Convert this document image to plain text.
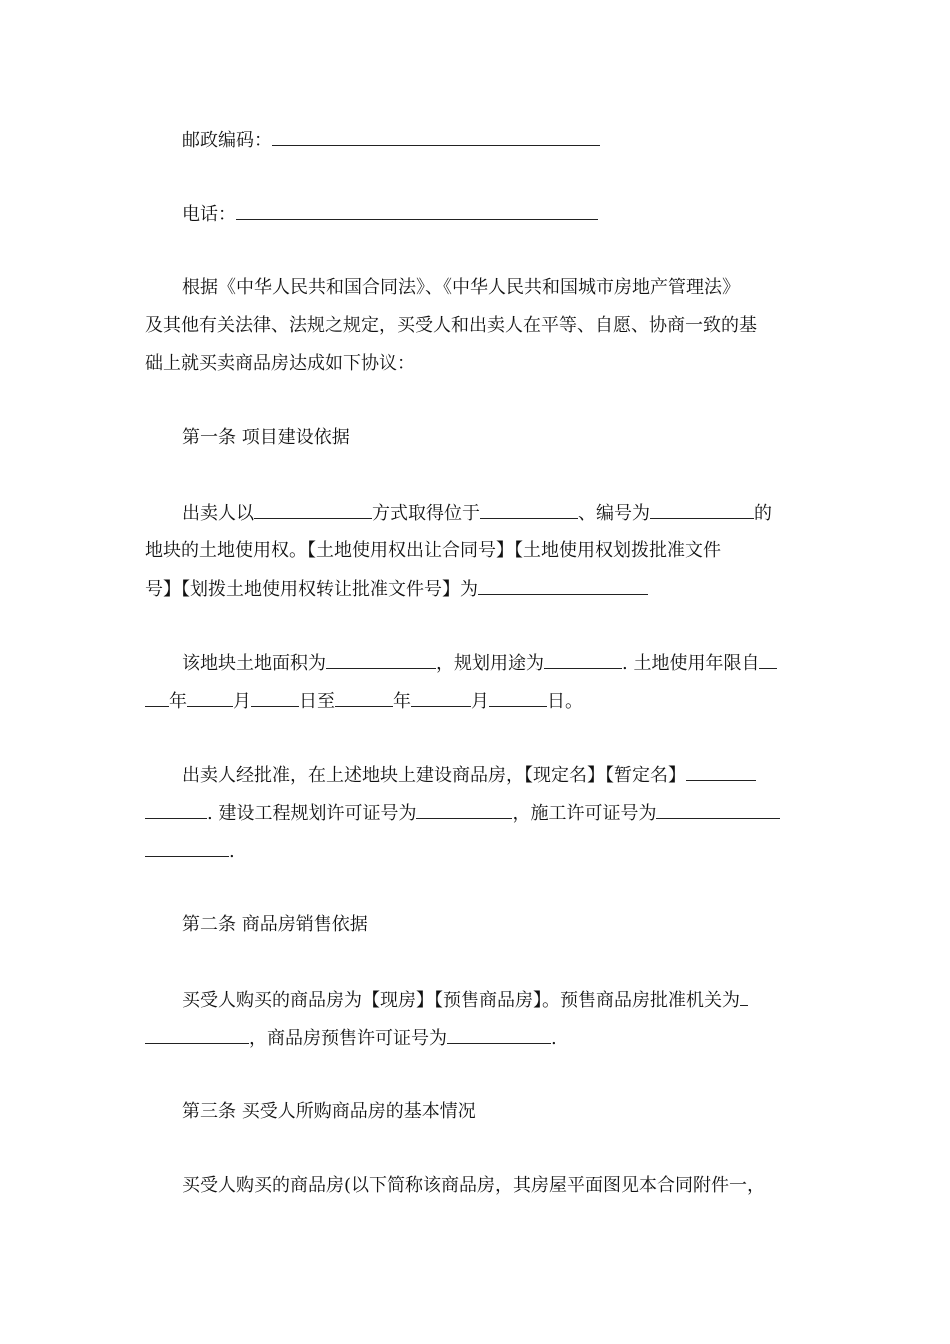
邮政编码：
电话：
根据《中华人民共和国合同法》、《中华人民共和国城市房地产管理法》
及其他有关法律、法规之规定，买受人和出卖人在平等、自愿、协商一致的基
础上就买卖商品房达成如下协议：
第一条 项目建设依据
出卖人以	方式取得位于	、编号为	的
地块的土地使用权。【土地使用权出让合同号】【土地使用权划拨批准文件
号】【划拨土地使用权转让批准文件号】为
该地块土地面积为	，规划用途为	. 土地使用年限自
年	月	日至	年	月	日。
出卖人经批准，在上述地块上建设商品房，【现定名】【暂定名】
. 建设工程规划许可证号为	，施工许可证号为
.
第二条 商品房销售依据
买受人购买的商品房为【现房】【预售商品房】。预售商品房批准机关为
，商品房预售许可证号为	.
第三条 买受人所购商品房的基本情况
买受人购买的商品房(以下简称该商品房，其房屋平面图见本合同附件一，
